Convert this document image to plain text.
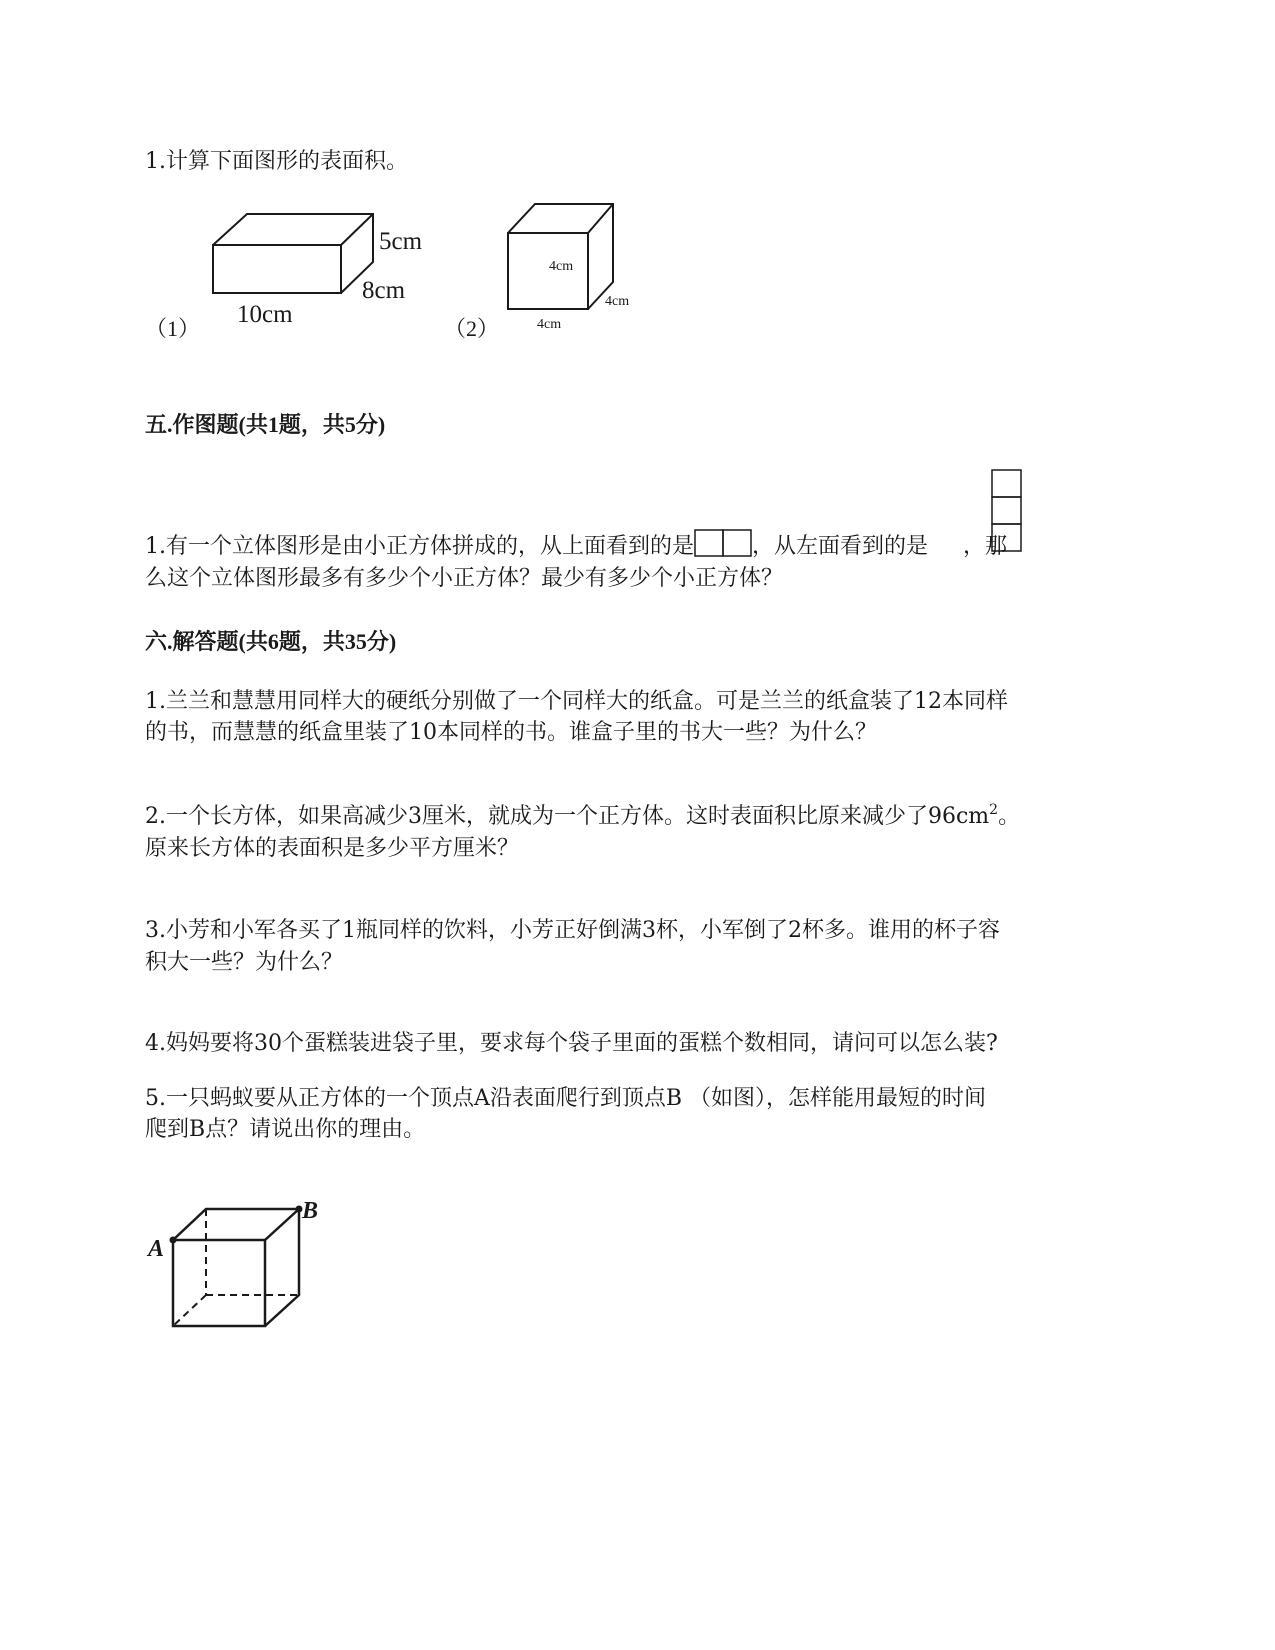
1.计算下面图形的表面积。
5cm
8cm
10cm
（1）
4cm
4cm
4cm
（2）
五.作图题(共1题，共5分)
1.有一个立体图形是由小正方体拼成的，从上面看到的是	，从左面看到的是 ，那
么这个立体图形最多有多少个小正方体？最少有多少个小正方体？
六.解答题(共6题，共35分)
1.兰兰和慧慧用同样大的硬纸分别做了一个同样大的纸盒。可是兰兰的纸盒装了12本同样
的书，而慧慧的纸盒里装了10本同样的书。谁盒子里的书大一些？为什么？
2.一个长方体，如果高减少3厘米，就成为一个正方体。这时表面积比原来减少了$96cm^2$。
原来长方体的表面积是多少平方厘米？
3.小芳和小军各买了1瓶同样的饮料，小芳正好倒满3杯，小军倒了2杯多。谁用的杯子容
积大一些？为什么？
4.妈妈要将30个蛋糕装进袋子里，要求每个袋子里面的蛋糕个数相同，请问可以怎么装?
5.一只蚂蚁要从正方体的一个顶点A沿表面爬行到顶点B （如图），怎样能用最短的时间
爬到B点？请说出你的理由。
A
B
